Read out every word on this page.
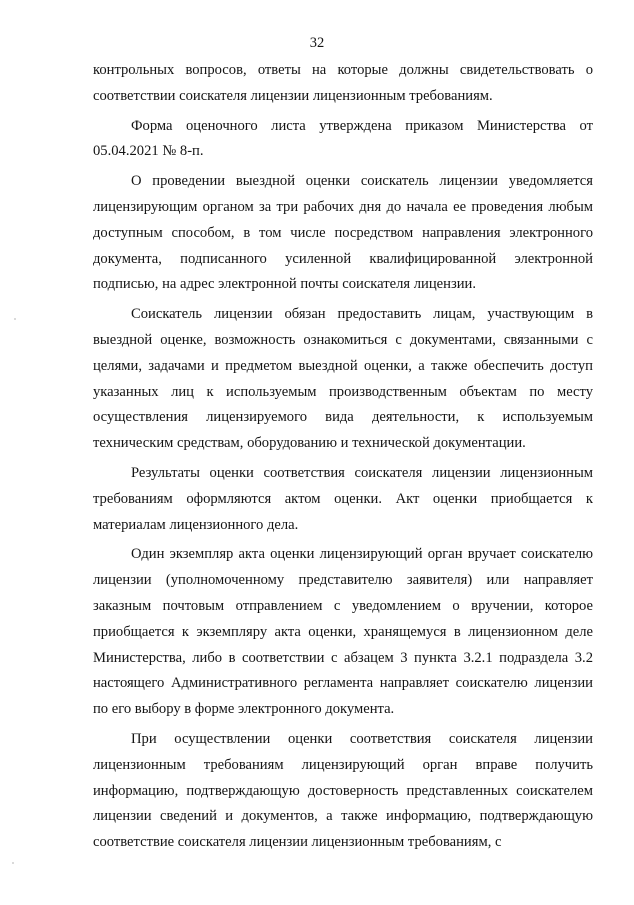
32

контрольных вопросов, ответы на которые должны свидетельствовать о соответствии соискателя лицензии лицензионным требованиям.

Форма оценочного листа утверждена приказом Министерства от 05.04.2021 № 8-п.

О проведении выездной оценки соискатель лицензии уведомляется лицензирующим органом за три рабочих дня до начала ее проведения любым доступным способом, в том числе посредством направления электронного документа, подписанного усиленной квалифицированной электронной подписью, на адрес электронной почты соискателя лицензии.

Соискатель лицензии обязан предоставить лицам, участвующим в выездной оценке, возможность ознакомиться с документами, связанными с целями, задачами и предметом выездной оценки, а также обеспечить доступ указанных лиц к используемым производственным объектам по месту осуществления лицензируемого вида деятельности, к используемым техническим средствам, оборудованию и технической документации.

Результаты оценки соответствия соискателя лицензии лицензионным требованиям оформляются актом оценки. Акт оценки приобщается к материалам лицензионного дела.

Один экземпляр акта оценки лицензирующий орган вручает соискателю лицензии (уполномоченному представителю заявителя) или направляет заказным почтовым отправлением с уведомлением о вручении, которое приобщается к экземпляру акта оценки, хранящемуся в лицензионном деле Министерства, либо в соответствии с абзацем 3 пункта 3.2.1 подраздела 3.2 настоящего Административного регламента направляет соискателю лицензии по его выбору в форме электронного документа.

При осуществлении оценки соответствия соискателя лицензии лицензионным требованиям лицензирующий орган вправе получить информацию, подтверждающую достоверность представленных соискателем лицензии сведений и документов, а также информацию, подтверждающую соответствие соискателя лицензии лицензионным требованиям, с
